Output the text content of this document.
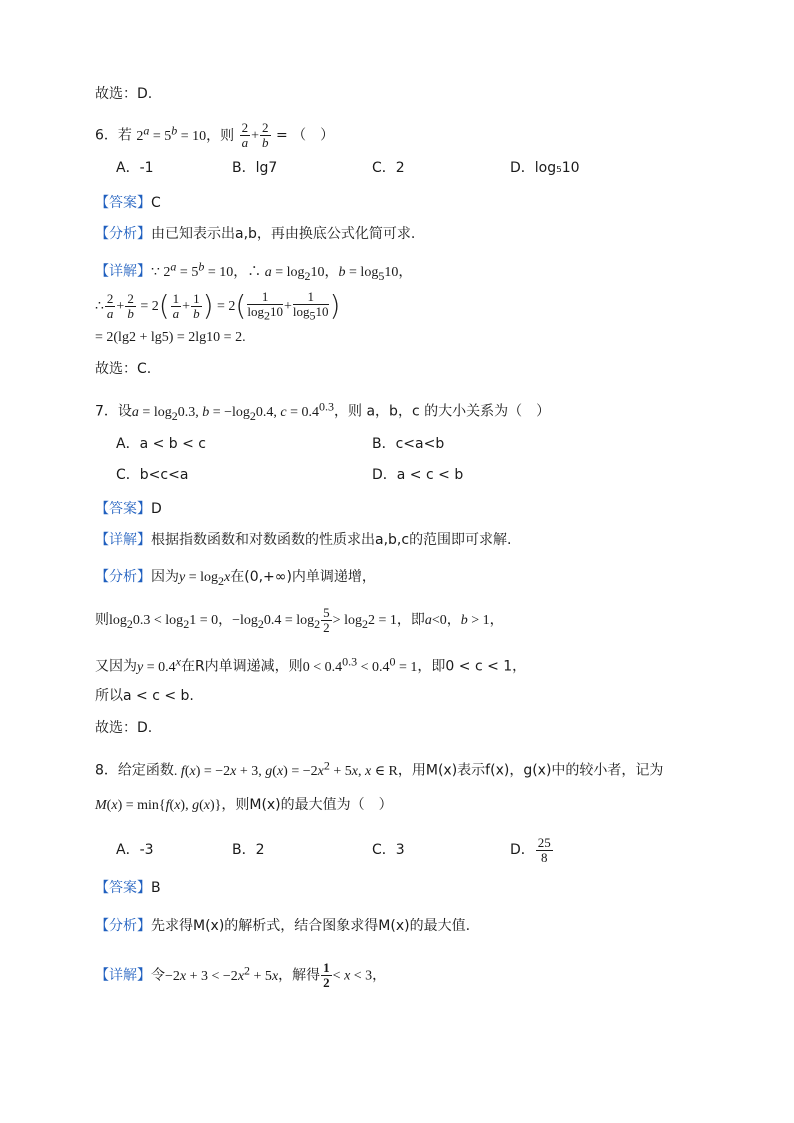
故选：D.
6．若 $2^a = 5^b = 10$，则 $\frac{2}{a} + \frac{2}{b}$ = （　）
A．-1	B．lg7	C．2	D．log₅10
【答案】C
【分析】由已知表示出a,b，再由换底公式化简可求.
【详解】∵ $2^a = 5^b = 10$，∴ $a = \log_210$，$b = \log_510$，
∴ $\frac{2}{a} + \frac{2}{b} = 2( \frac{1}{a} + \frac{1}{b}$ ) = $2( \frac{1}{\log_210} + \frac{1}{\log_510}$ )
= 2(lg2 + lg5) = 2lg10 = 2.
故选：C.
7．设$a = \log_20.3$, $b = -\log_20.4$, $c = 0.4^{0.3}$，则 a，b，c 的大小关系为（　）
A．a < b < c	B．c<a<b
C．b<c<a	D．a < c < b
【答案】D
【详解】根据指数函数和对数函数的性质求出a,b,c的范围即可求解.
【分析】因为$y = \log_2x$在(0,+∞)内单调递增，
则$\log_20.3 < \log_21 = 0$，$-\log_20.4 = \log_2 \frac{5}{2} > \log_22 = 1$，即a<0，b > 1，
又因为$y = 0.4^x$在R内单调递减，则$0 < 0.4^{0.3} < 0.4^0 = 1$，即0 < c < 1，
所以a < c < b.
故选：D.
8．给定函数. f(x) = −2x + 3, $g(x) = -2x^2 + 5x$, x ∈ R，用M(x)表示f(x)，g(x)中的较小者，记为
M(x) = min{f(x), g(x)}，则M(x)的最大值为（　）
A．-3	B．2	C．3	D． $\frac{25}{8}$
【答案】B
【分析】先求得M(x)的解析式，结合图象求得M(x)的最大值.
【详解】令$-2x + 3 < -2x^2 + 5x$，解得 $\frac{1}{2} < x < 3$，
